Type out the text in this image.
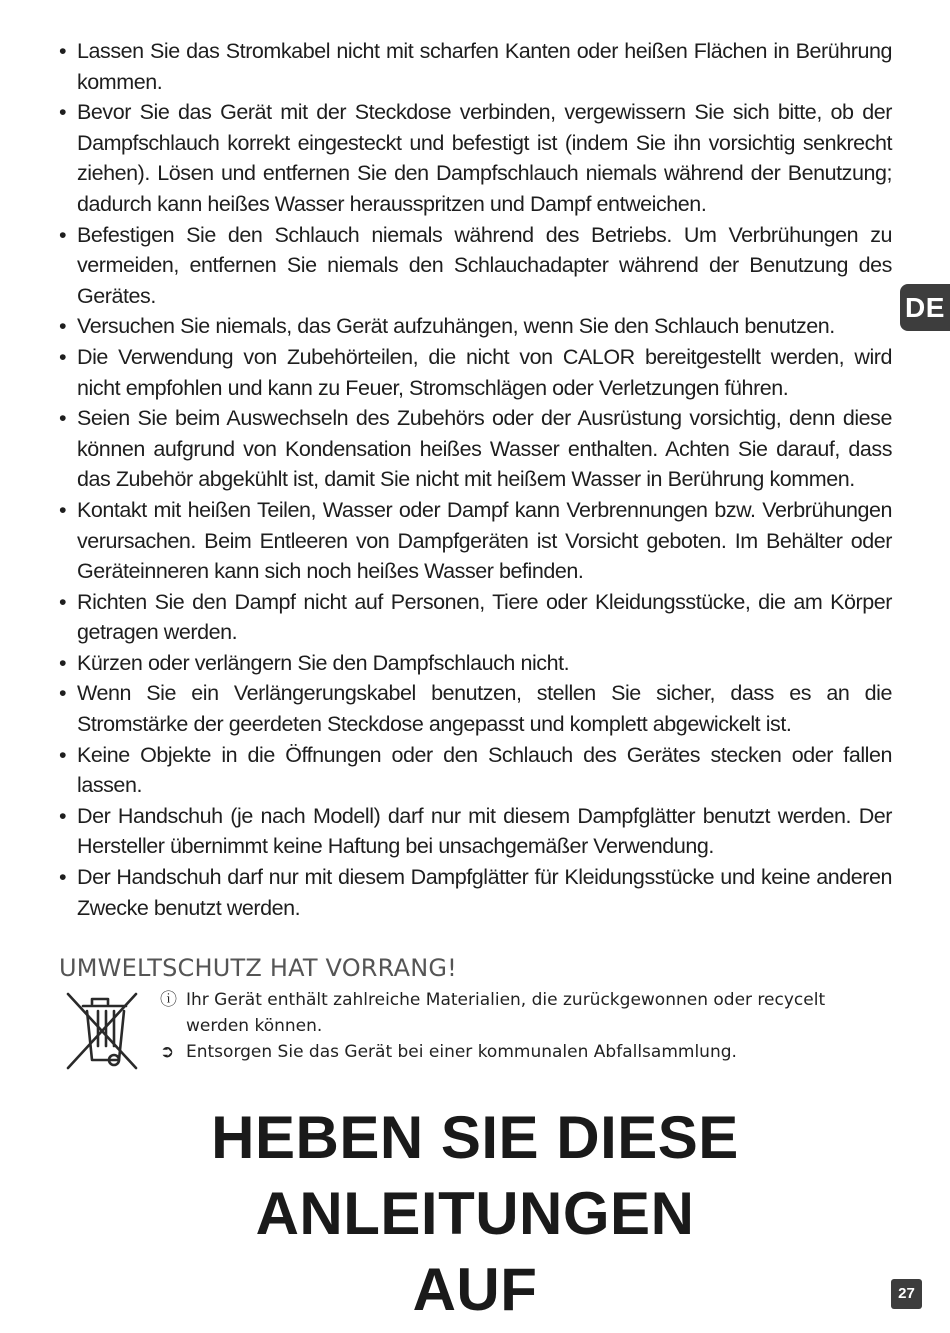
• Lassen Sie das Stromkabel nicht mit scharfen Kanten oder heißen Flächen in Berührung kommen.
• Bevor Sie das Gerät mit der Steckdose verbinden, vergewissern Sie sich bitte, ob der Dampfschlauch korrekt eingesteckt und befestigt ist (indem Sie ihn vorsichtig senkrecht ziehen). Lösen und entfernen Sie den Dampfschlauch niemals während der Benutzung; dadurch kann heißes Wasser herausspritzen und Dampf entweichen.
• Befestigen Sie den Schlauch niemals während des Betriebs. Um Verbrühungen zu vermeiden, entfernen Sie niemals den Schlauchadapter während der Benutzung des Gerätes.
• Versuchen Sie niemals, das Gerät aufzuhängen, wenn Sie den Schlauch benutzen.
• Die Verwendung von Zubehörteilen, die nicht von CALOR bereitgestellt werden, wird nicht empfohlen und kann zu Feuer, Stromschlägen oder Verletzungen führen.
• Seien Sie beim Auswechseln des Zubehörs oder der Ausrüstung vorsichtig, denn diese können aufgrund von Kondensation heißes Wasser enthalten. Achten Sie darauf, dass das Zubehör abgekühlt ist, damit Sie nicht mit heißem Wasser in Berührung kommen.
• Kontakt mit heißen Teilen, Wasser oder Dampf kann Verbrennungen bzw. Verbrühungen verursachen. Beim Entleeren von Dampfgeräten ist Vorsicht geboten. Im Behälter oder Geräteinneren kann sich noch heißes Wasser befinden.
• Richten Sie den Dampf nicht auf Personen, Tiere oder Kleidungsstücke, die am Körper getragen werden.
• Kürzen oder verlängern Sie den Dampfschlauch nicht.
• Wenn Sie ein Verlängerungskabel benutzen, stellen Sie sicher, dass es an die Stromstärke der geerdeten Steckdose angepasst und komplett abgewickelt ist.
• Keine Objekte in die Öffnungen oder den Schlauch des Gerätes stecken oder fallen lassen.
• Der Handschuh (je nach Modell) darf nur mit diesem Dampfglätter benutzt werden. Der Hersteller übernimmt keine Haftung bei unsachgemäßer Verwendung.
• Der Handschuh darf nur mit diesem Dampfglätter für Kleidungsstücke und keine anderen Zwecke benutzt werden.
DE
UMWELTSCHUTZ HAT VORRANG!
ⓘ Ihr Gerät enthält zahlreiche Materialien, die zurückgewonnen oder recycelt
werden können.
➲ Entsorgen Sie das Gerät bei einer kommunalen Abfallsammlung.
HEBEN SIE DIESE ANLEITUNGEN
AUF	27
